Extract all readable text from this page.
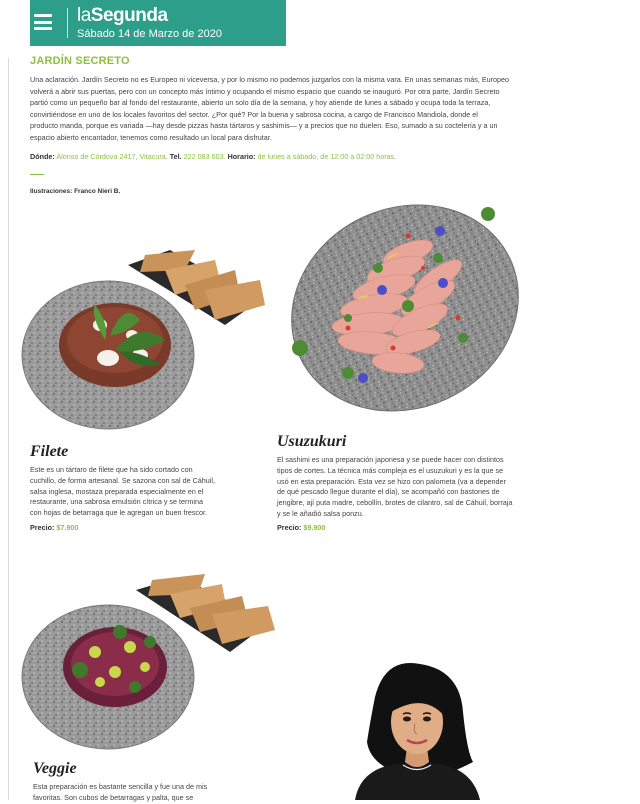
laSegunda
Sábado 14 de Marzo de 2020
JARDÍN SECRETO

Una aclaración. Jardín Secreto no es Europeo ni viceversa, y por lo mismo no podemos juzgarlos con la misma vara. En unas semanas más, Europeo
volverá a abrir sus puertas, pero con un concepto más íntimo y ocupando el mismo espacio que cuando se inauguró. Por otra parte, Jardín Secreto
partió como un pequeño bar al fondo del restaurante, abierto un solo día de la semana, y hoy atiende de lunes a sábado y ocupa toda la terraza,
convirtiéndose en uno de los locales favoritos del sector. ¿Por qué? Por la buena y sabrosa cocina, a cargo de Francisco Mandiola, donde el
producto manda, porque es variada —hay desde pizzas hasta tártaros y sashimis— y a precios que no duelen. Eso, sumado a su coctelería y a un
espacio abierto encantador, tenemos como resultado un local para disfrutar.

Dónde: Alonso de Córdova 2417, Vitacura. Tel. 222 083 603. Horario: de lunes a sábado, de 12:00 a 02:00 horas.
Ilustraciones: Franco Nieri B.
Filete

Este es un tártaro de filete que ha sido cortado con
cuchillo, de forma artesanal. Se sazona con sal de Cáhuil,
salsa inglesa, mostaza preparada especialmente en el
restaurante, una sabrosa emulsión cítrica y se termina
con hojas de betarraga que le agregan un buen frescor.

Precio: $7.900
Usuzukuri

El sashimi es una preparación japonesa y se puede hacer con distintos
tipos de cortes. La técnica más compleja es el usuzukuri y es la que se
usó en esta preparación. Esta vez se hizo con palometa (va a depender
de qué pescado llegue durante el día), se acompañó con bastones de
jengibre, ají puta madre, cebollín, brotes de cilantro, sal de Cáhuil, borraja
y se le añadió salsa ponzu.

Precio: $9.900
Veggie

Esta preparación es bastante sencilla y fue una de mis
favoritas. Son cubos de betarragas y palta, que se
